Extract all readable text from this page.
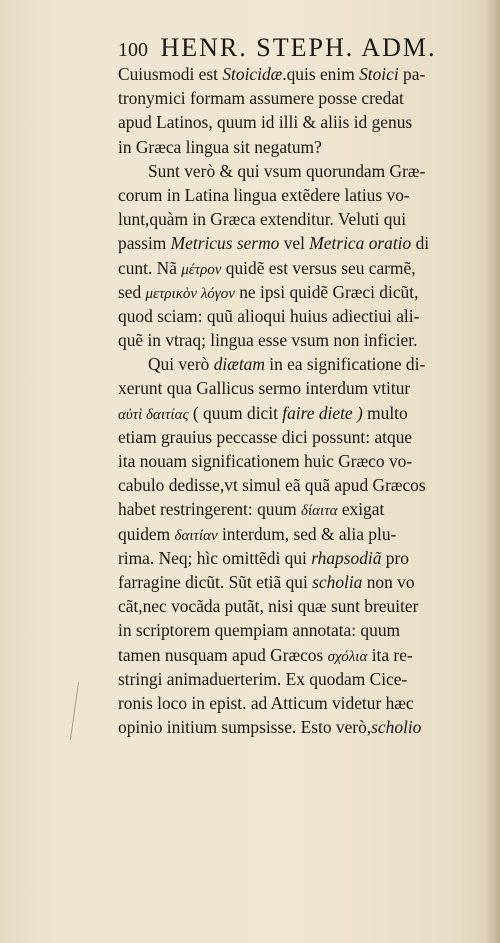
100 HENR. STEPH. ADM.
Cuiusmodi est Stoicidæ.quis enim Stoici pa-
tronymici formam assumere posse credat
apud Latinos, quum id illi & aliis id genus
in Græca lingua sit negatum?
Sunt verò & qui vsum quorundam Græ-
corum in Latina lingua extẽdere latius vo-
lunt,quàm in Græca extenditur. Veluti qui
passim Metricus sermo vel Metrica oratio di
cunt. Nã μέτρον quidẽ est versus seu carmẽ,
sed μετρικὸν λόγον ne ipsi quidẽ Græci dicũt,
quod sciam: quũ alioqui huius adiectiui ali-
quẽ in vtraq; lingua esse vsum non inficier.
Qui verò diætam in ea significatione di-
xerunt qua Gallicus sermo interdum vtitur
αὐτὶ δαιτίας ( quum dicit faire diete ) multo
etiam grauius peccasse dici possunt: atque
ita nouam significationem huic Græco vo-
cabulo dedisse,vt simul eã quã apud Græcos
habet restringerent: quum δίαιτα exigat
quidem δαιτίαν interdum, sed & alia plu-
rima. Neq; hìc omittẽdi qui rhapsodiã pro
farragine dicũt. Sũt etiã qui scholia non vo
cãt,nec vocãda putãt, nisi quæ sunt breuiter
in scriptorem quempiam annotata: quum
tamen nusquam apud Græcos σχόλια ita re-
stringi animaduerterim. Ex quodam Cice-
ronis loco in epist. ad Atticum videtur hæc
opinio initium sumpsisse. Esto verò,scholio
